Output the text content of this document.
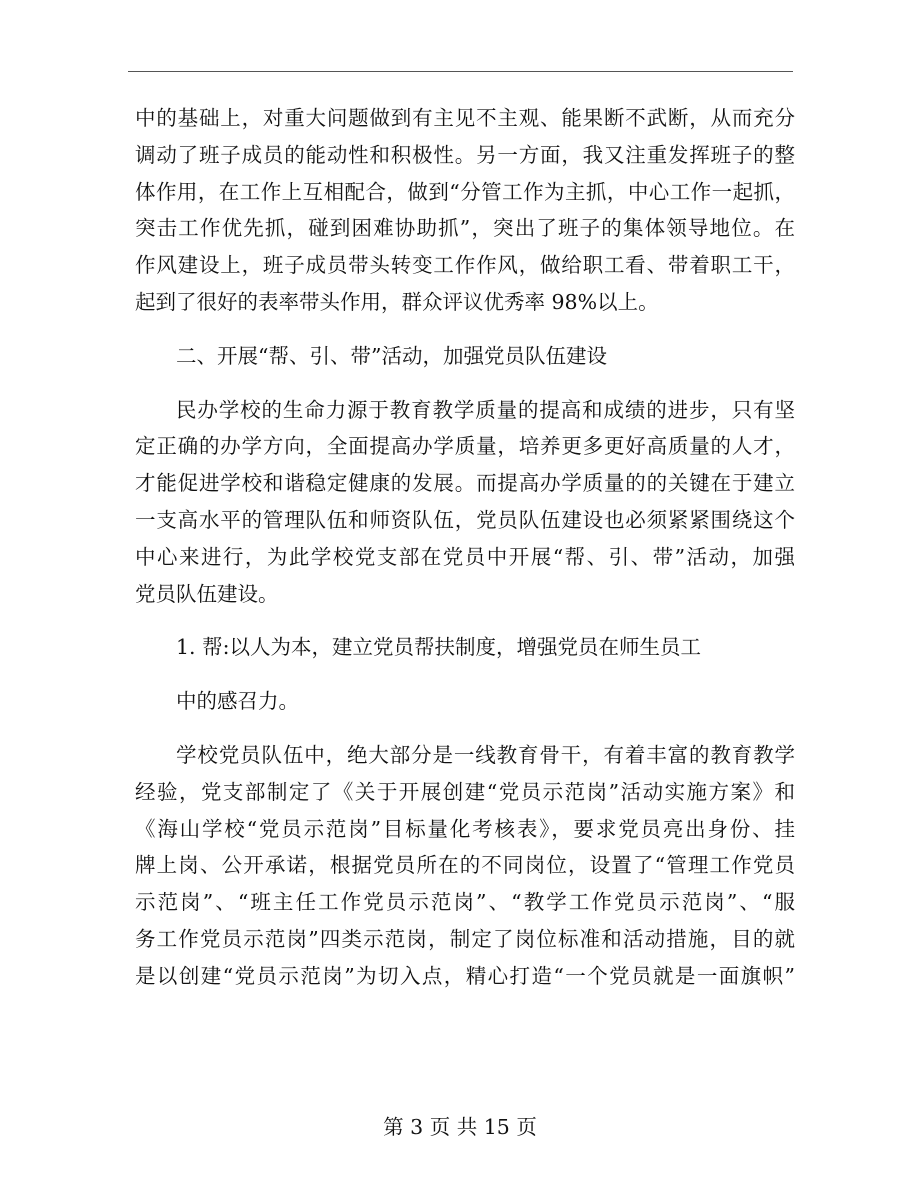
中的基础上，对重大问题做到有主见不主观、能果断不武断，从而充分
调动了班子成员的能动性和积极性。另一方面，我又注重发挥班子的整
体作用，在工作上互相配合，做到“分管工作为主抓，中心工作一起抓，
突击工作优先抓，碰到困难协助抓”，突出了班子的集体领导地位。在
作风建设上，班子成员带头转变工作作风，做给职工看、带着职工干，
起到了很好的表率带头作用，群众评议优秀率 98%以上。
二、开展“帮、引、带”活动，加强党员队伍建设
民办学校的生命力源于教育教学质量的提高和成绩的进步，只有坚
定正确的办学方向，全面提高办学质量，培养更多更好高质量的人才，
才能促进学校和谐稳定健康的发展。而提高办学质量的的关键在于建立
一支高水平的管理队伍和师资队伍，党员队伍建设也必须紧紧围绕这个
中心来进行，为此学校党支部在党员中开展“帮、引、带”活动，加强
党员队伍建设。
1. 帮:以人为本，建立党员帮扶制度，增强党员在师生员工
中的感召力。
学校党员队伍中，绝大部分是一线教育骨干，有着丰富的教育教学
经验，党支部制定了《关于开展创建“党员示范岗”活动实施方案》和
《海山学校“党员示范岗”目标量化考核表》，要求党员亮出身份、挂
牌上岗、公开承诺，根据党员所在的不同岗位，设置了“管理工作党员
示范岗”、“班主任工作党员示范岗”、“教学工作党员示范岗”、“服
务工作党员示范岗”四类示范岗，制定了岗位标准和活动措施，目的就
是以创建“党员示范岗”为切入点，精心打造“一个党员就是一面旗帜”
第 3 页 共 15 页
